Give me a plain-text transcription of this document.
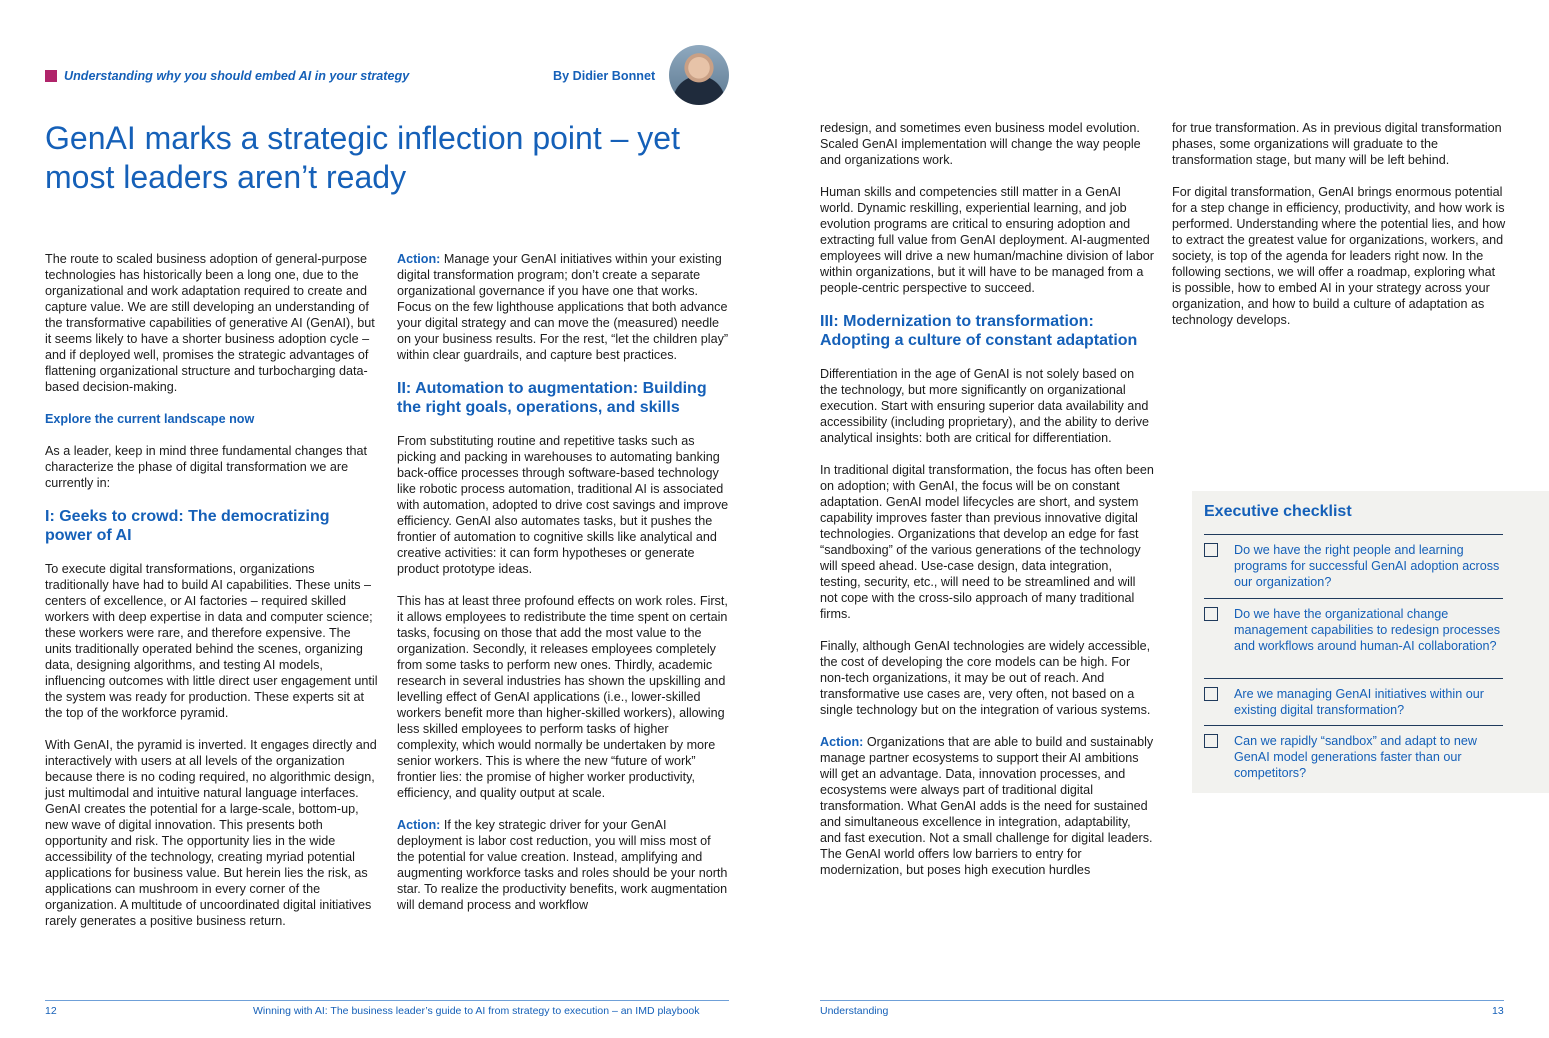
Understanding why you should embed AI in your strategy	By Didier Bonnet
GenAI marks a strategic inflection point – yet most leaders aren’t ready

The route to scaled business adoption of general-purpose technologies has historically been a long one, due to the organizational and work adaptation required to create and capture value. We are still developing an understanding of the transformative capabilities of generative AI (GenAI), but it seems likely to have a shorter business adoption cycle – and if deployed well, promises the strategic advantages of flattening organizational structure and turbocharging data-based decision-making.

Explore the current landscape now

As a leader, keep in mind three fundamental changes that characterize the phase of digital transformation we are currently in:

I: Geeks to crowd: The democratizing power of AI

To execute digital transformations, organizations traditionally have had to build AI capabilities. These units – centers of excellence, or AI factories – required skilled workers with deep expertise in data and computer science; these workers were rare, and therefore expensive. The units traditionally operated behind the scenes, organizing data, designing algorithms, and testing AI models, influencing outcomes with little direct user engagement until the system was ready for production. These experts sit at the top of the workforce pyramid.

With GenAI, the pyramid is inverted. It engages directly and interactively with users at all levels of the organization because there is no coding required, no algorithmic design, just multimodal and intuitive natural language interfaces. GenAI creates the potential for a large-scale, bottom-up, new wave of digital innovation. This presents both opportunity and risk. The opportunity lies in the wide accessibility of the technology, creating myriad potential applications for business value. But herein lies the risk, as applications can mushroom in every corner of the organization. A multitude of uncoordinated digital initiatives rarely generates a positive business return.

Action: Manage your GenAI initiatives within your existing digital transformation program; don’t create a separate organizational governance if you have one that works. Focus on the few lighthouse applications that both advance your digital strategy and can move the (measured) needle on your business results. For the rest, “let the children play” within clear guardrails, and capture best practices.

II: Automation to augmentation: Building the right goals, operations, and skills

From substituting routine and repetitive tasks such as picking and packing in warehouses to automating banking back-office processes through software-based technology like robotic process automation, traditional AI is associated with automation, adopted to drive cost savings and improve efficiency. GenAI also automates tasks, but it pushes the frontier of automation to cognitive skills like analytical and creative activities: it can form hypotheses or generate product prototype ideas.

This has at least three profound effects on work roles. First, it allows employees to redistribute the time spent on certain tasks, focusing on those that add the most value to the organization. Secondly, it releases employees completely from some tasks to perform new ones. Thirdly, academic research in several industries has shown the upskilling and levelling effect of GenAI applications (i.e., lower-skilled workers benefit more than higher-skilled workers), allowing less skilled employees to perform tasks of higher complexity, which would normally be undertaken by more senior workers. This is where the new “future of work” frontier lies: the promise of higher worker productivity, efficiency, and quality output at scale.

Action: If the key strategic driver for your GenAI deployment is labor cost reduction, you will miss most of the potential for value creation. Instead, amplifying and augmenting workforce tasks and roles should be your north star. To realize the productivity benefits, work augmentation will demand process and workflow

redesign, and sometimes even business model evolution. Scaled GenAI implementation will change the way people and organizations work.

Human skills and competencies still matter in a GenAI world. Dynamic reskilling, experiential learning, and job evolution programs are critical to ensuring adoption and extracting full value from GenAI deployment. AI-augmented employees will drive a new human/machine division of labor within organizations, but it will have to be managed from a people-centric perspective to succeed.

III: Modernization to transformation: Adopting a culture of constant adaptation

Differentiation in the age of GenAI is not solely based on the technology, but more significantly on organizational execution. Start with ensuring superior data availability and accessibility (including proprietary), and the ability to derive analytical insights: both are critical for differentiation.

In traditional digital transformation, the focus has often been on adoption; with GenAI, the focus will be on constant adaptation. GenAI model lifecycles are short, and system capability improves faster than previous innovative digital technologies. Organizations that develop an edge for fast “sandboxing” of the various generations of the technology will speed ahead. Use-case design, data integration, testing, security, etc., will need to be streamlined and will not cope with the cross-silo approach of many traditional firms.

Finally, although GenAI technologies are widely accessible, the cost of developing the core models can be high. For non-tech organizations, it may be out of reach. And transformative use cases are, very often, not based on a single technology but on the integration of various systems.

Action: Organizations that are able to build and sustainably manage partner ecosystems to support their AI ambitions will get an advantage. Data, innovation processes, and ecosystems were always part of traditional digital transformation. What GenAI adds is the need for sustained and simultaneous excellence in integration, adaptability, and fast execution. Not a small challenge for digital leaders. The GenAI world offers low barriers to entry for modernization, but poses high execution hurdles

for true transformation. As in previous digital transformation phases, some organizations will graduate to the transformation stage, but many will be left behind.

For digital transformation, GenAI brings enormous potential for a step change in efficiency, productivity, and how work is performed. Understanding where the potential lies, and how to extract the greatest value for organizations, workers, and society, is top of the agenda for leaders right now. In the following sections, we will offer a roadmap, exploring what is possible, how to embed AI in your strategy across your organization, and how to build a culture of adaptation as technology develops.

Executive checklist
Do we have the right people and learning programs for successful GenAI adoption across our organization?
Do we have the organizational change management capabilities to redesign processes and workflows around human-AI collaboration?
Are we managing GenAI initiatives within our existing digital transformation?
Can we rapidly “sandbox” and adapt to new GenAI model generations faster than our competitors?
12	Winning with AI: The business leader’s guide to AI from strategy to execution – an IMD playbook	Understanding	13
